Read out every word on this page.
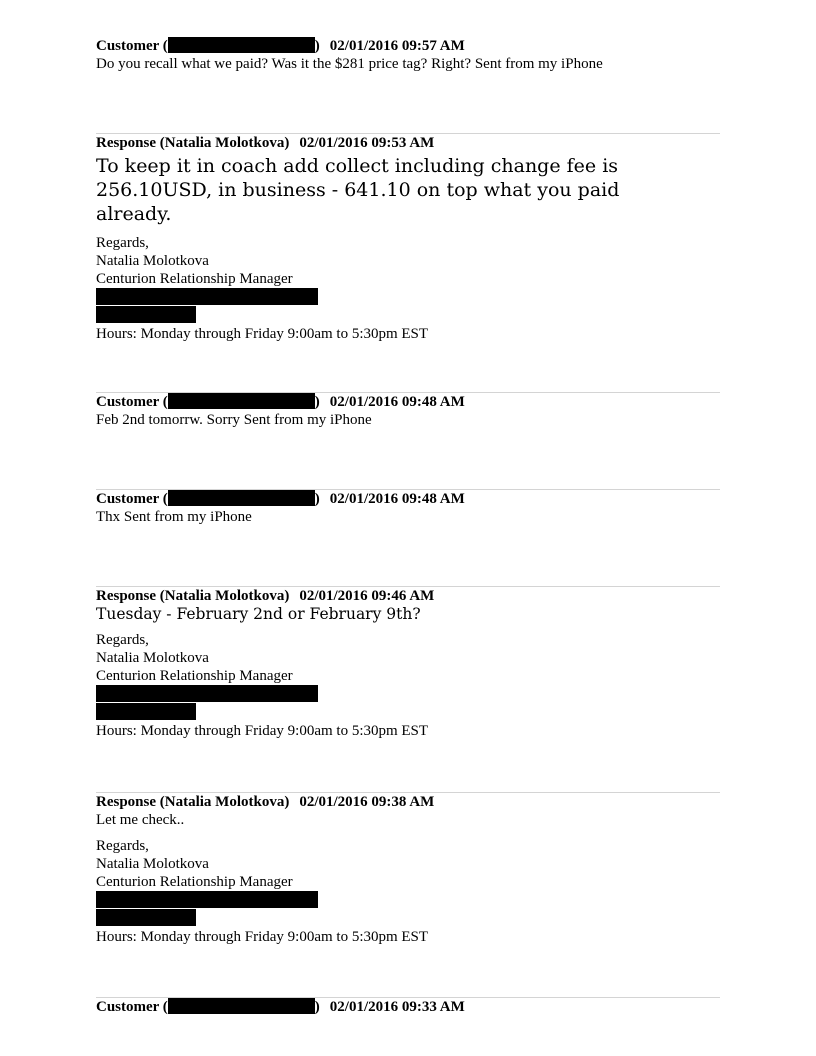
Customer (	) 02/01/2016 09:57 AM
Do you recall what we paid? Was it the $281 price tag? Right? Sent from my iPhone
Response (Natalia Molotkova) 02/01/2016 09:53 AM
To keep it in coach add collect including change fee is 256.10USD, in business - 641.10 on top what you paid already.
Regards,
Natalia Molotkova
Centurion Relationship Manager
Hours: Monday through Friday 9:00am to 5:30pm EST
Customer (	) 02/01/2016 09:48 AM
Feb 2nd tomorrw. Sorry Sent from my iPhone
Customer (	) 02/01/2016 09:48 AM
Thx Sent from my iPhone
Response (Natalia Molotkova) 02/01/2016 09:46 AM
Tuesday - February 2nd or February 9th?
Regards,
Natalia Molotkova
Centurion Relationship Manager
Hours: Monday through Friday 9:00am to 5:30pm EST
Response (Natalia Molotkova) 02/01/2016 09:38 AM
Let me check..
Regards,
Natalia Molotkova
Centurion Relationship Manager
Hours: Monday through Friday 9:00am to 5:30pm EST
Customer (	) 02/01/2016 09:33 AM
